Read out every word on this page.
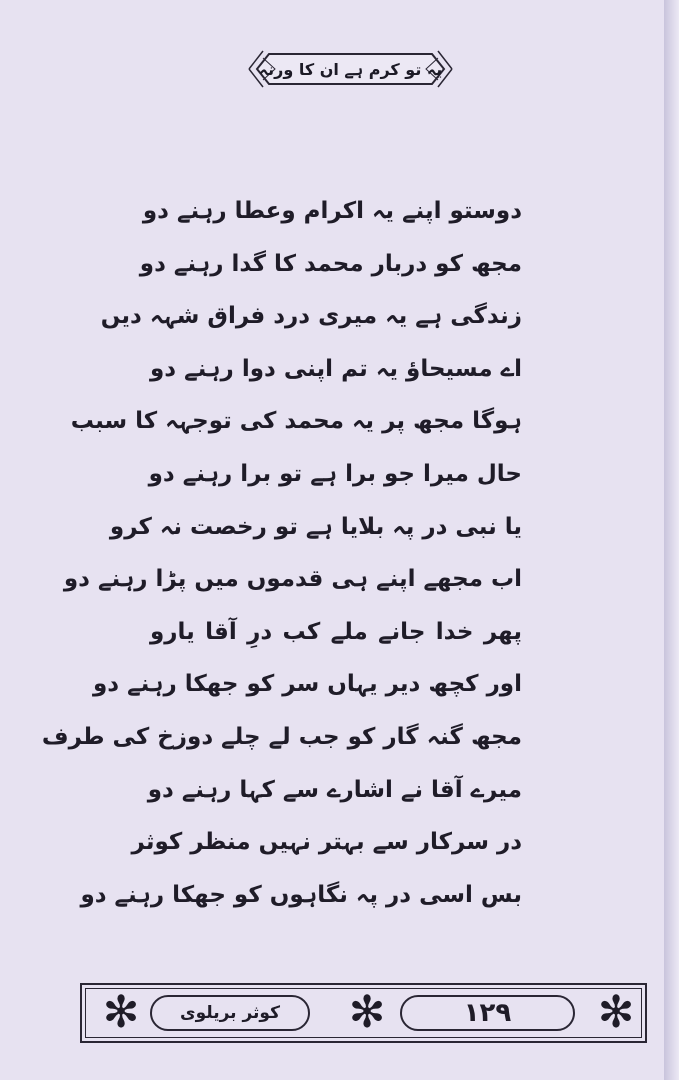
یہ تو کرم ہے ان کا ورنہ
دوستو اپنے یہ اکرام وعطا رہنے دو
مجھ کو دربار محمد کا گدا رہنے دو
زندگی ہے یہ میری درد فراق شہہ دیں
اے مسیحاؤ یہ تم اپنی دوا رہنے دو
ہوگا مجھ پر یہ محمد کی توجہہ کا سبب
حال میرا جو برا ہے تو برا رہنے دو
یا نبی در پہ بلایا ہے تو رخصت نہ کرو
اب مجھے اپنے ہی قدموں میں پڑا رہنے دو
پھر خدا جانے ملے کب درِ آقا یارو
اور کچھ دیر یہاں سر کو جھکا رہنے دو
مجھ گنہ گار کو جب لے چلے دوزخ کی طرف
میرے آقا نے اشارے سے کہا رہنے دو
در سرکار سے بہتر نہیں منظر کوثر
بس اسی در پہ نگاہوں کو جھکا رہنے دو
✻	کوثر بریلوی	✻	۱۲۹	✻
